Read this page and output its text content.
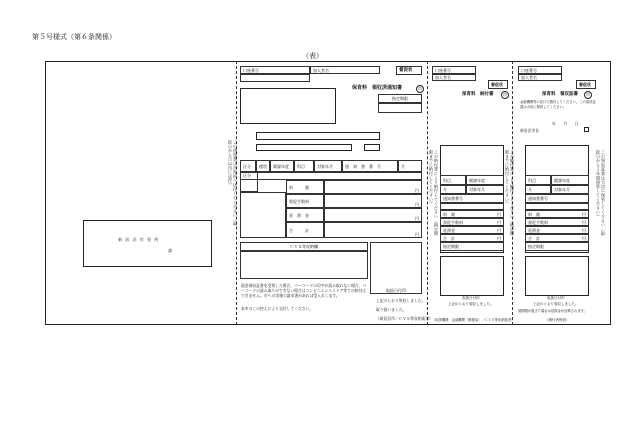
第５号様式（第６条関係）
（表）
新 居 浜 市 役 所
課
この通知書は市役所へ送付してください（取扱日から日以内に送付）	この納付書により納付してください（指定期限までに納付してください）	この納付書により納付してください（指定期限までに納付してください）	この領収証書は大切に保管してください（取扱日から５年間保管してください）
口座番号	加入者名	督促状
保育料　領収済通知書	市
指定期限
区分 種別 賦課年度 科目	対象年月	通　知　書　番　号	月
区分
料　　　額
円
督促手数料
円
延　滞　金
円
合　　　計
円
ＣＶＳ等収納欄
取扱日付印
現金領収証書を受領した場合、バーコードの印字が読み取れない場合、バーコードの読み取りができない場合はコンビニエンスストア等での納付はできません。市への実施の請求書があれば受入れします。
本市のこの控えにより交付してください。
上記のとおり領収しました。
取り扱いました。
（新居浜市／ＣＶＳ等収納業者）
口座番号
加入者名
督促状
保育料　納付書	市
科目	賦課年度
月	対象年月
通知書番号
料　額	円
督促手数料	円
延滞金	円
合　計	円
指定期限
取扱日付印
上記のとおり領収しました。
（取扱機関：金融機関（郵便局）／ＣＶＳ等収納業者）
口座番号
加入者名
督促状
保育料　領収証書	市
金融機関等の窓口で納付してください。この領収証書は大切に保管してください。
年　　月　　日
新居浜市長
科目	賦課年度
月	対象年月
通知書番号
料　額	円
督促手数料	円
延滞金	円
合　計	円
指定期限
取扱日付印
上記のとおり領収しました。
納期限が過ぎた場合は延滞金が加算されます。
（納付者保管）
